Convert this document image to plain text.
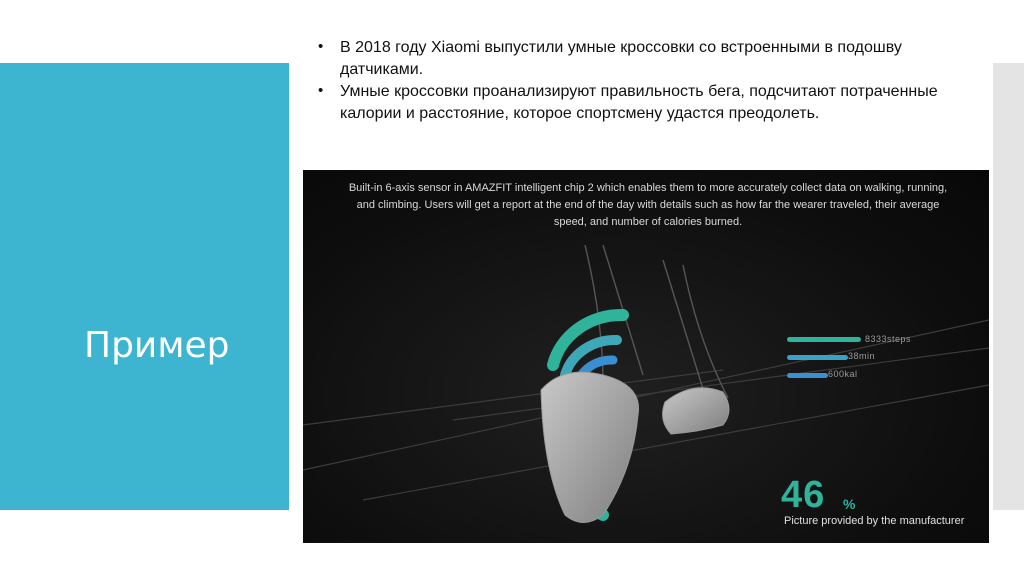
Пример
• В 2018 году Xiaomi выпустили умные кроссовки со встроенными в подошву датчиками.
• Умные кроссовки проанализируют правильность бега, подсчитают потраченные калории и расстояние, которое спортсмену удастся преодолеть.
Built-in 6-axis sensor in AMAZFIT intelligent chip 2 which enables them to more accurately collect data on walking, running, and climbing. Users will get a report at the end of the day with details such as how far the wearer traveled, their average speed, and number of calories burned.
8333steps
38min
600kal
46 %
Picture provided by the manufacturer
